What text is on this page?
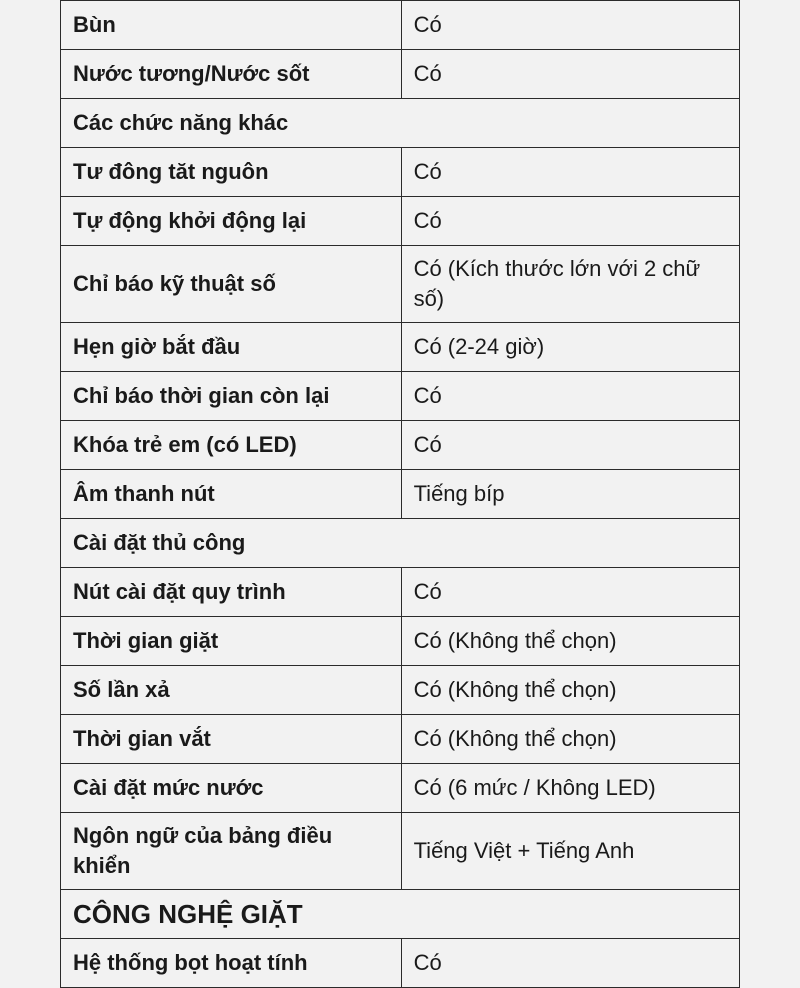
Bùn	Có
Nước tương/Nước sốt	Có
Các chức năng khác	
Tư đông tăt nguôn	Có
Tự động khởi động lại	Có
Chỉ báo kỹ thuật số	Có (Kích thước lớn với 2 chữ số)
Hẹn giờ bắt đầu	Có (2-24 giờ)
Chỉ báo thời gian còn lại	Có
Khóa trẻ em (có LED)	Có
Âm thanh nút	Tiếng bíp
Cài đặt thủ công	
Nút cài đặt quy trình	Có
Thời gian giặt	Có (Không thể chọn)
Số lần xả	Có (Không thể chọn)
Thời gian vắt	Có (Không thể chọn)
Cài đặt mức nước	Có (6 mức / Không LED)
Ngôn ngữ của bảng điều khiển	Tiếng Việt + Tiếng Anh
CÔNG NGHỆ GIẶT	
Hệ thống bọt hoạt tính	Có
